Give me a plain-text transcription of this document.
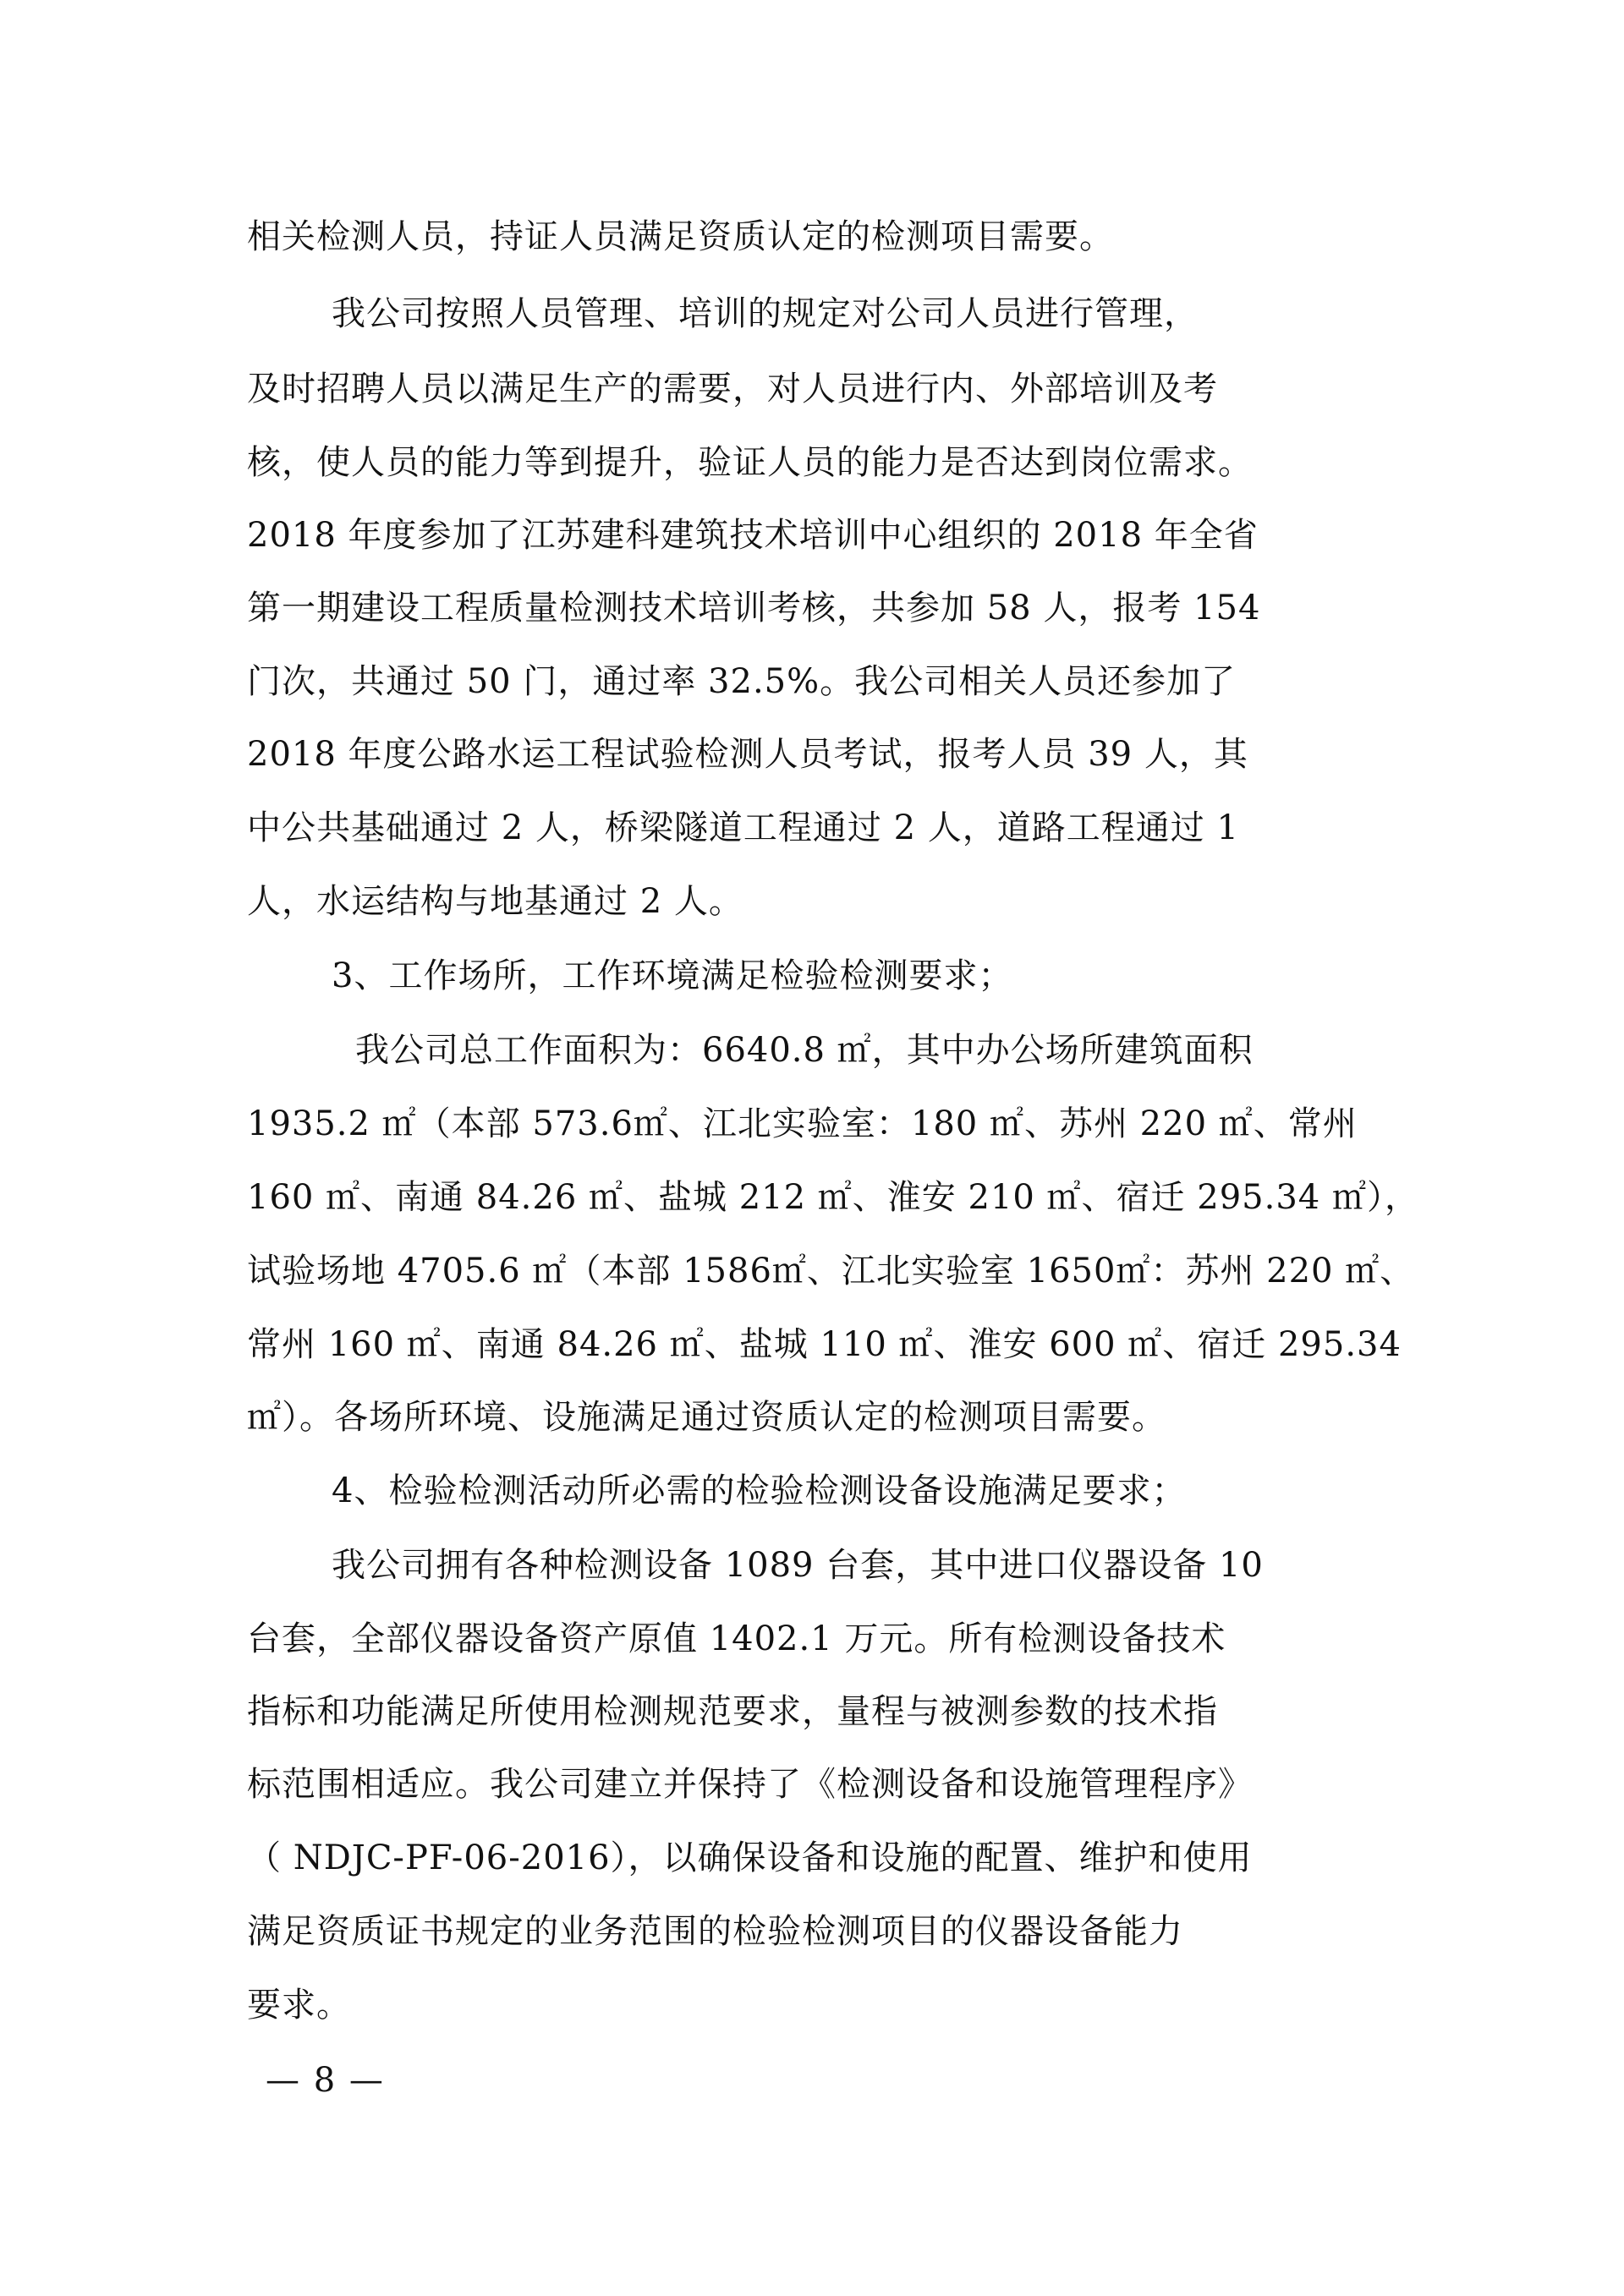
相关检测人员，持证人员满足资质认定的检测项目需要。
我公司按照人员管理、培训的规定对公司人员进行管理，
及时招聘人员以满足生产的需要，对人员进行内、外部培训及考
核，使人员的能力等到提升，验证人员的能力是否达到岗位需求。
2018 年度参加了江苏建科建筑技术培训中心组织的 2018 年全省
第一期建设工程质量检测技术培训考核，共参加 58 人，报考 154
门次，共通过 50 门，通过率 32.5%。我公司相关人员还参加了
2018 年度公路水运工程试验检测人员考试，报考人员 39 人，其
中公共基础通过 2 人，桥梁隧道工程通过 2 人，道路工程通过 1
人，水运结构与地基通过 2 人。
3、工作场所，工作环境满足检验检测要求；
我公司总工作面积为：6640.8 ㎡，其中办公场所建筑面积
1935.2 ㎡（本部 573.6㎡、江北实验室：180 ㎡、苏州 220 ㎡、常州
160 ㎡、南通 84.26 ㎡、盐城 212 ㎡、淮安 210 ㎡、宿迁 295.34 ㎡），
试验场地 4705.6 ㎡（本部 1586㎡、江北实验室 1650㎡：苏州 220 ㎡、
常州 160 ㎡、南通 84.26 ㎡、盐城 110 ㎡、淮安 600 ㎡、宿迁 295.34
㎡）。各场所环境、设施满足通过资质认定的检测项目需要。
4、检验检测活动所必需的检验检测设备设施满足要求；
我公司拥有各种检测设备 1089 台套，其中进口仪器设备 10
台套，全部仪器设备资产原值 1402.1 万元。所有检测设备技术
指标和功能满足所使用检测规范要求，量程与被测参数的技术指
标范围相适应。我公司建立并保持了《检测设备和设施管理程序》
（ NDJC-PF-06-2016），以确保设备和设施的配置、维护和使用
满足资质证书规定的业务范围的检验检测项目的仪器设备能力
要求。
— 8 —
